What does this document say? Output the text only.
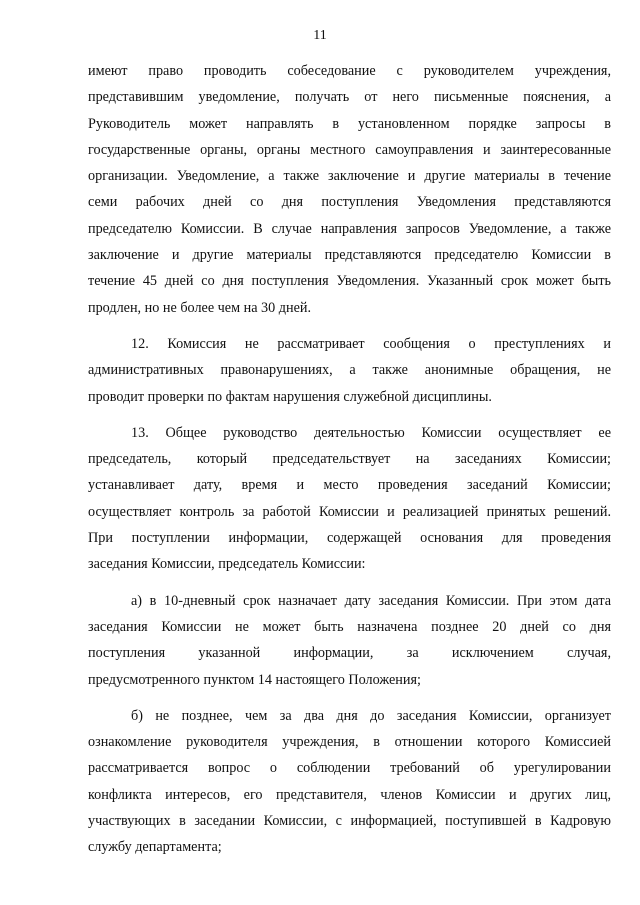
11
имеют право проводить собеседование с руководителем учреждения,
представившим уведомление, получать от него письменные пояснения, а
Руководитель может направлять в установленном порядке запросы в
государственные органы, органы местного самоуправления и заинтересованные
организации. Уведомление, а также заключение и другие материалы в течение
семи рабочих дней со дня поступления Уведомления представляются
председателю Комиссии. В случае направления запросов Уведомление, а также
заключение и другие материалы представляются председателю Комиссии в
течение 45 дней со дня поступления Уведомления. Указанный срок может быть
продлен, но не более чем на 30 дней.
12. Комиссия не рассматривает сообщения о преступлениях и
административных правонарушениях, а также анонимные обращения, не
проводит проверки по фактам нарушения служебной дисциплины.
13. Общее руководство деятельностью Комиссии осуществляет ее
председатель, который председательствует на заседаниях Комиссии;
устанавливает дату, время и место проведения заседаний Комиссии;
осуществляет контроль за работой Комиссии и реализацией принятых решений.
При поступлении информации, содержащей основания для проведения
заседания Комиссии, председатель Комиссии:
а) в 10-дневный срок назначает дату заседания Комиссии. При этом дата
заседания Комиссии не может быть назначена позднее 20 дней со дня
поступления указанной информации, за исключением случая,
предусмотренного пунктом 14 настоящего Положения;
б) не позднее, чем за два дня до заседания Комиссии, организует
ознакомление руководителя учреждения, в отношении которого Комиссией
рассматривается вопрос о соблюдении требований об урегулировании
конфликта интересов, его представителя, членов Комиссии и других лиц,
участвующих в заседании Комиссии, с информацией, поступившей в Кадровую
службу департамента;
